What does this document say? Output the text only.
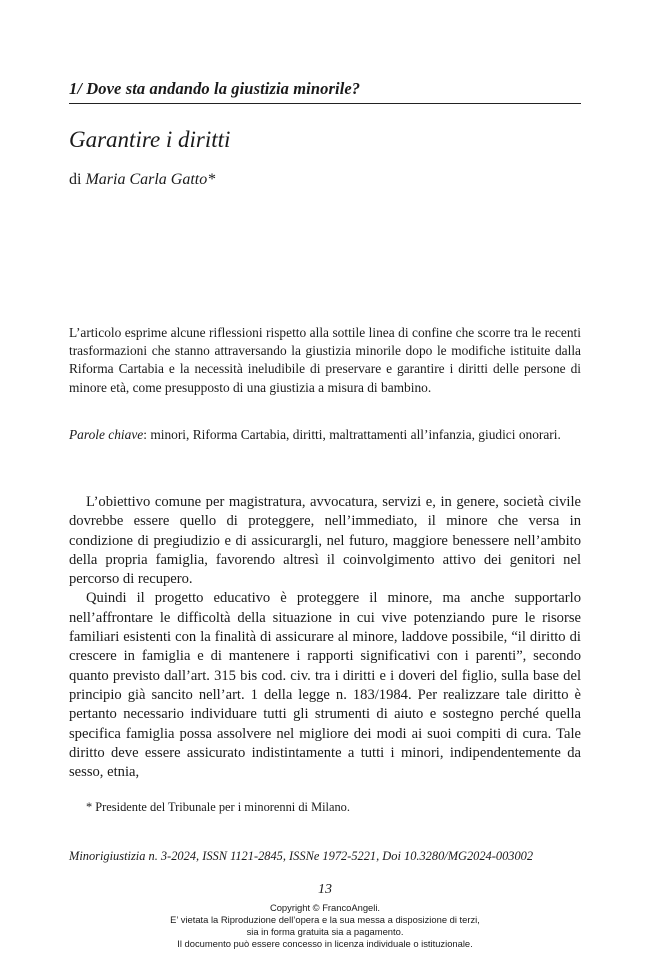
1/ Dove sta andando la giustizia minorile?
Garantire i diritti
di Maria Carla Gatto*
L’articolo esprime alcune riflessioni rispetto alla sottile linea di confine che scorre tra le recenti trasformazioni che stanno attraversando la giustizia minorile dopo le modifiche istituite dalla Riforma Cartabia e la necessità ineludibile di preservare e garantire i diritti delle persone di minore età, come presupposto di una giustizia a misura di bambino.
Parole chiave: minori, Riforma Cartabia, diritti, maltrattamenti all’infanzia, giudici onorari.

L’obiettivo comune per magistratura, avvocatura, servizi e, in genere, società civile dovrebbe essere quello di proteggere, nell’immediato, il minore che versa in condizione di pregiudizio e di assicurargli, nel futuro, maggiore benessere nell’ambito della propria famiglia, favorendo altresì il coinvolgimento attivo dei genitori nel percorso di recupero.

Quindi il progetto educativo è proteggere il minore, ma anche supportarlo nell’affrontare le difficoltà della situazione in cui vive potenziando pure le risorse familiari esistenti con la finalità di assicurare al minore, laddove possibile, “il diritto di crescere in famiglia e di mantenere i rapporti significativi con i parenti”, secondo quanto previsto dall’art. 315 bis cod. civ. tra i diritti e i doveri del figlio, sulla base del principio già sancito nell’art. 1 della legge n. 183/1984. Per realizzare tale diritto è pertanto necessario individuare tutti gli strumenti di aiuto e sostegno perché quella specifica famiglia possa assolvere nel migliore dei modi ai suoi compiti di cura. Tale diritto deve essere assicurato indistintamente a tutti i minori, indipendentemente da sesso, etnia,

* Presidente del Tribunale per i minorenni di Milano.
Minorigiustizia n. 3-2024, ISSN 1121-2845, ISSNe 1972-5221, Doi 10.3280/MG2024-003002
13
Copyright © FrancoAngeli.
E’ vietata la Riproduzione dell’opera e la sua messa a disposizione di terzi,
sia in forma gratuita sia a pagamento.
Il documento può essere concesso in licenza individuale o istituzionale.
